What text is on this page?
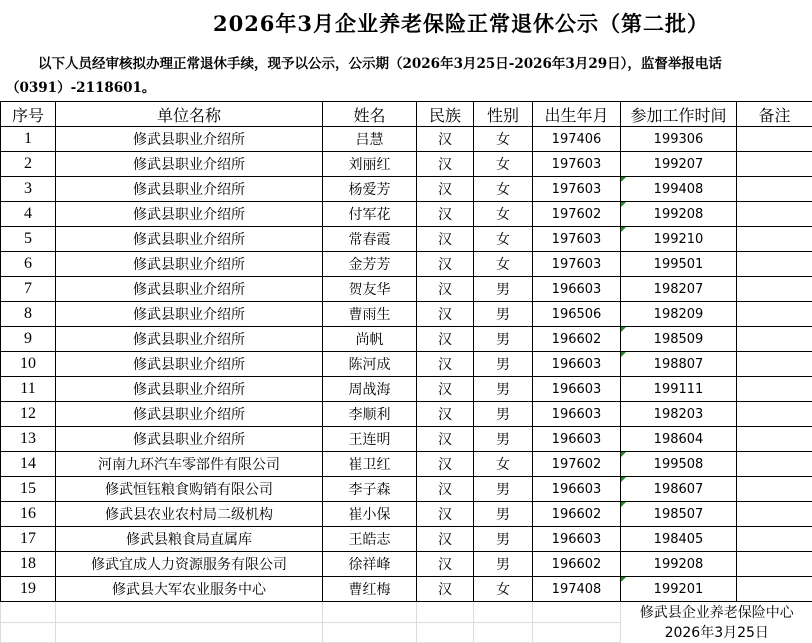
2026年3月企业养老保险正常退休公示（第二批）
以下人员经审核拟办理正常退休手续，现予以公示，公示期（2026年3月25日-2026年3月29日），监督举报电话（0391）-2118601。
序号	单位名称	姓名	民族	性别	出生年月	参加工作时间	备注
1	修武县职业介绍所	吕慧	汉	女	197406	199306	
2	修武县职业介绍所	刘丽红	汉	女	197603	199207	
3	修武县职业介绍所	杨爱芳	汉	女	197603	199408	
4	修武县职业介绍所	付军花	汉	女	197602	199208	
5	修武县职业介绍所	常春霞	汉	女	197603	199210	
6	修武县职业介绍所	金芳芳	汉	女	197603	199501	
7	修武县职业介绍所	贺友华	汉	男	196603	198207	
8	修武县职业介绍所	曹雨生	汉	男	196506	198209	
9	修武县职业介绍所	尚帆	汉	男	196602	198509	
10	修武县职业介绍所	陈河成	汉	男	196603	198807	
11	修武县职业介绍所	周战海	汉	男	196603	199111	
12	修武县职业介绍所	李顺利	汉	男	196603	198203	
13	修武县职业介绍所	王连明	汉	男	196603	198604	
14	河南九环汽车零部件有限公司	崔卫红	汉	女	197602	199508	
15	修武恒钰粮食购销有限公司	李子森	汉	男	196603	198607	
16	修武县农业农村局二级机构	崔小保	汉	男	196602	198507	
17	修武县粮食局直属库	王皓志	汉	男	196603	198405	
18	修武宜成人力资源服务有限公司	徐祥峰	汉	男	196602	199208	
19	修武县大军农业服务中心	曹红梅	汉	女	197408	199201	
						修武县企业养老保险中心	
						2026年3月25日	
